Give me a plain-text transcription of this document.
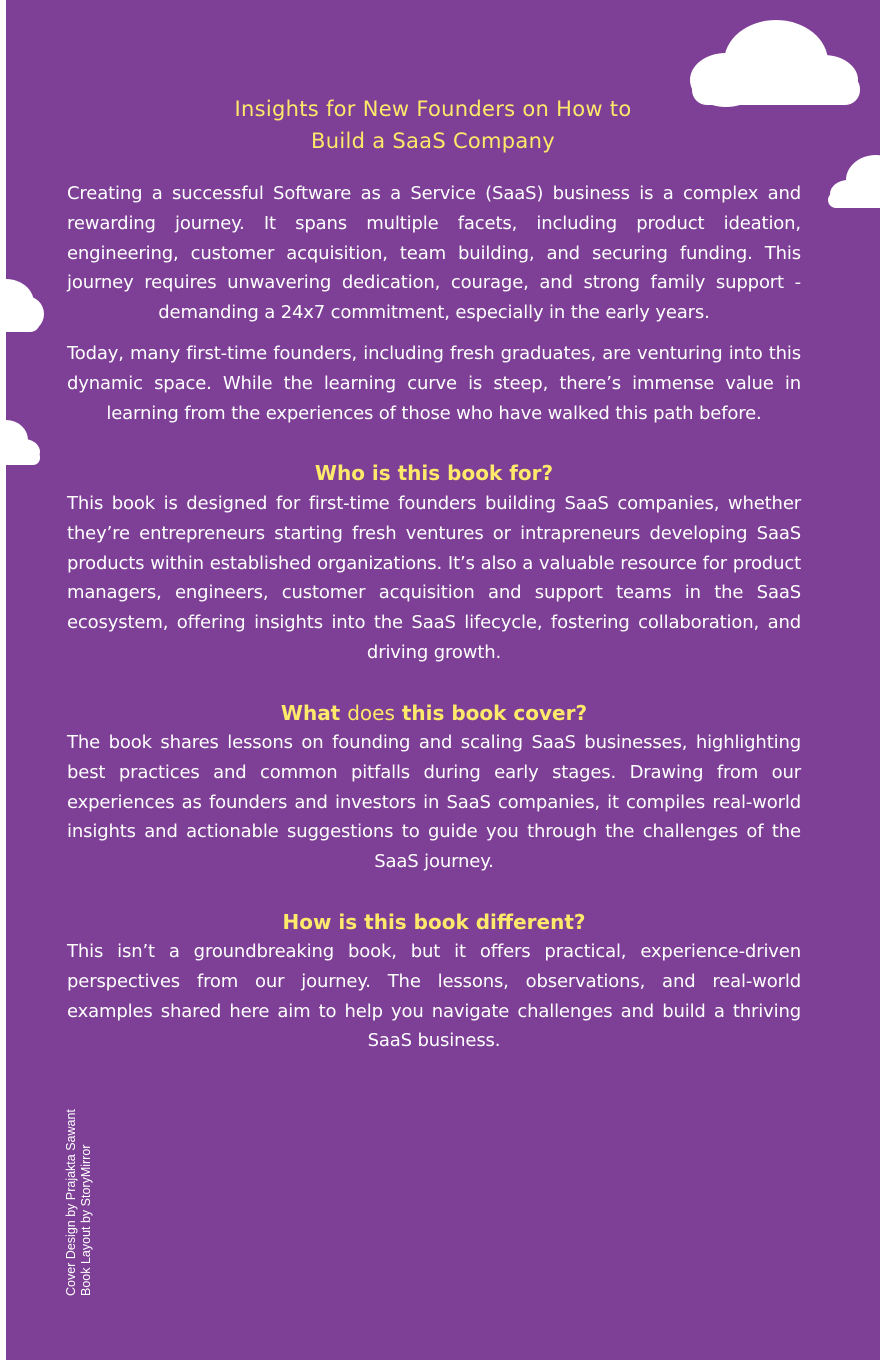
Insights for New Founders on How to
Build a SaaS Company

Creating a successful Software as a Service (SaaS) business is a complex and rewarding journey. It spans multiple facets, including product ideation, engineering, customer acquisition, team building, and securing funding. This journey requires unwavering dedication, courage, and strong family support - demanding a 24x7 commitment, especially in the early years.

Today, many first-time founders, including fresh graduates, are venturing into this dynamic space. While the learning curve is steep, there’s immense value in learning from the experiences of those who have walked this path before.

Who is this book for?

This book is designed for first-time founders building SaaS companies, whether they’re entrepreneurs starting fresh ventures or intrapreneurs developing SaaS products within established organizations. It’s also a valuable resource for product managers, engineers, customer acquisition and support teams in the SaaS ecosystem, offering insights into the SaaS lifecycle, fostering collaboration, and driving growth.

What does this book cover?

The book shares lessons on founding and scaling SaaS businesses, highlighting best practices and common pitfalls during early stages. Drawing from our experiences as founders and investors in SaaS companies, it compiles real-world insights and actionable suggestions to guide you through the challenges of the SaaS journey.

How is this book different?

This isn’t a groundbreaking book, but it offers practical, experience-driven perspectives from our journey. The lessons, observations, and real-world examples shared here aim to help you navigate challenges and build a thriving SaaS business.

Cover Design by Prajakta Sawant Book Layout by StoryMirror
